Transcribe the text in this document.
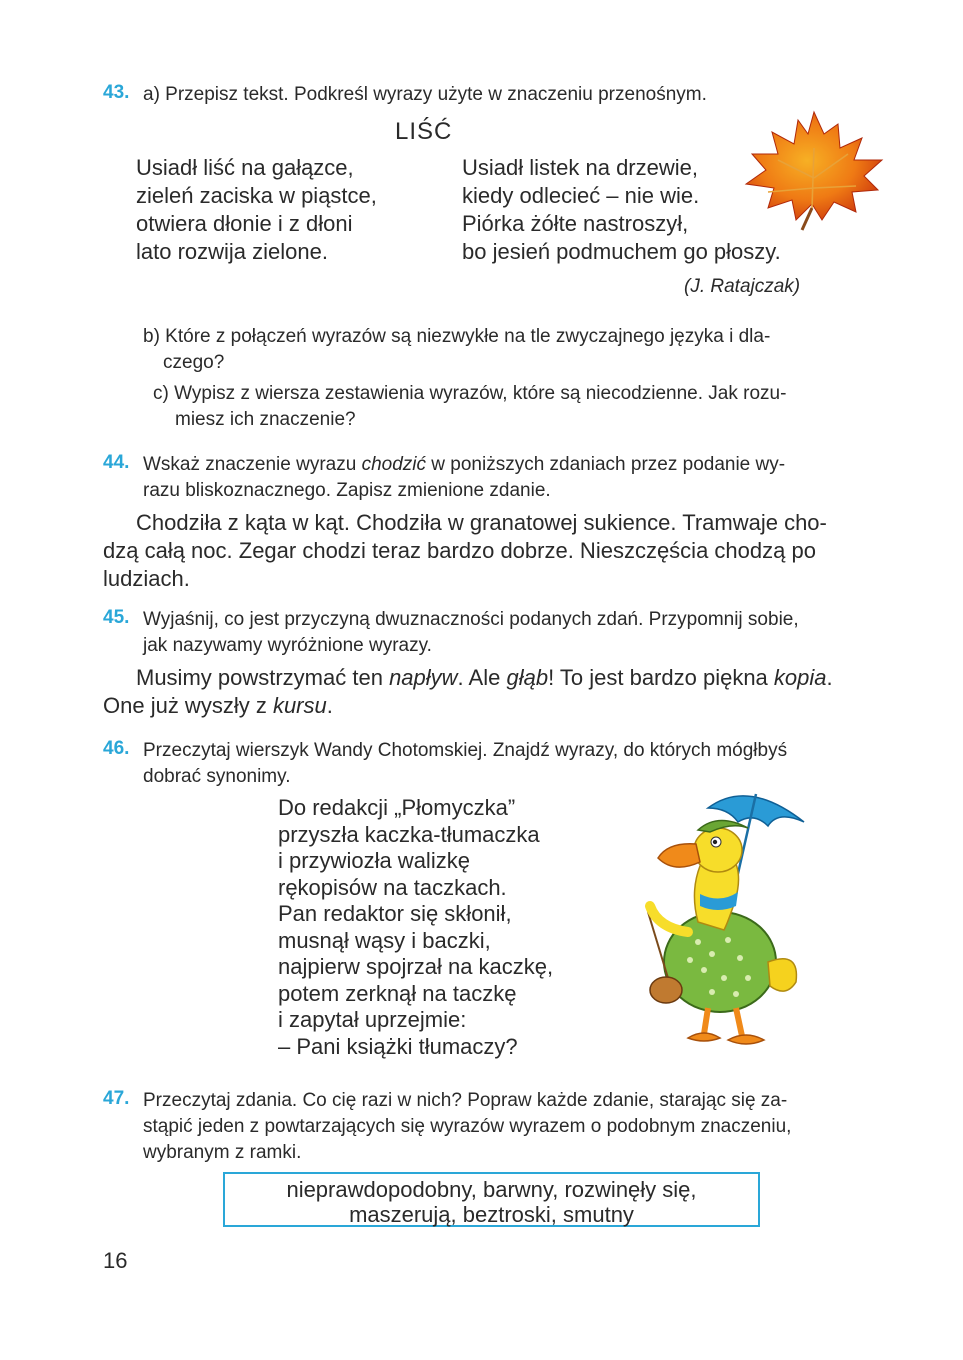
43. a) Przepisz tekst. Podkreśl wyrazy użyte w znaczeniu przenośnym.
LIŚĆ
Usiadł liść na gałązce,
zieleń zaciska w piąstce,
otwiera dłonie i z dłoni
lato rozwija zielone.
Usiadł listek na drzewie,
kiedy odlecieć – nie wie.
Piórka żółte nastroszył,
bo jesień podmuchem go płoszy.
(J. Ratajczak)
b) Które z połączeń wyrazów są niezwykłe na tle zwyczajnego języka i dla-
czego?
c) Wypisz z wiersza zestawienia wyrazów, które są niecodzienne. Jak rozu-
miesz ich znaczenie?
44. Wskaż znaczenie wyrazu chodzić w poniższych zdaniach przez podanie wy-
razu bliskoznacznego. Zapisz zmienione zdanie.
Chodziła z kąta w kąt. Chodziła w granatowej sukience. Tramwaje cho-
dzą całą noc. Zegar chodzi teraz bardzo dobrze. Nieszczęścia chodzą po
ludziach.
45. Wyjaśnij, co jest przyczyną dwuznaczności podanych zdań. Przypomnij sobie,
jak nazywamy wyróżnione wyrazy.
Musimy powstrzymać ten napływ. Ale głąb! To jest bardzo piękna kopia.
One już wyszły z kursu.
46. Przeczytaj wierszyk Wandy Chotomskiej. Znajdź wyrazy, do których mógłbyś
dobrać synonimy.
Do redakcji „Płomyczka”
przyszła kaczka-tłumaczka
i przywiozła walizkę
rękopisów na taczkach.
Pan redaktor się skłonił,
musnął wąsy i baczki,
najpierw spojrzał na kaczkę,
potem zerknął na taczkę
i zapytał uprzejmie:
– Pani książki tłumaczy?
47. Przeczytaj zdania. Co cię razi w nich? Popraw każde zdanie, starając się za-
stąpić jeden z powtarzających się wyrazów wyrazem o podobnym znaczeniu,
wybranym z ramki.
nieprawdopodobny, barwny, rozwinęły się,
maszerują, beztroski, smutny
16
